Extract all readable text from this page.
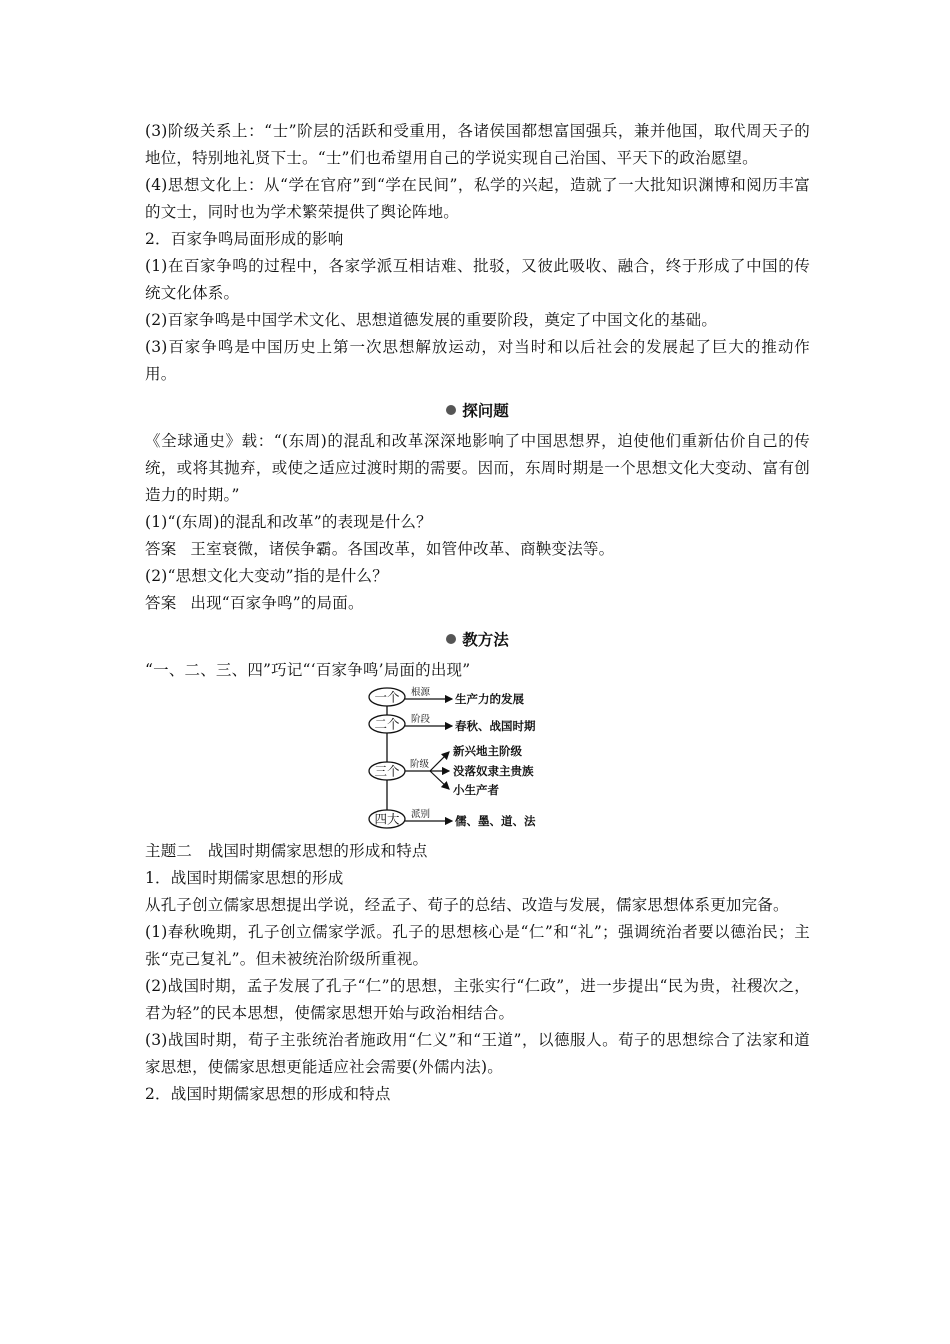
(3)阶级关系上：“士”阶层的活跃和受重用，各诸侯国都想富国强兵，兼并他国，取代周天子的地位，特别地礼贤下士。“士”们也希望用自己的学说实现自己治国、平天下的政治愿望。

(4)思想文化上：从“学在官府”到“学在民间”，私学的兴起，造就了一大批知识渊博和阅历丰富的文士，同时也为学术繁荣提供了舆论阵地。

2．百家争鸣局面形成的影响

(1)在百家争鸣的过程中，各家学派互相诘难、批驳，又彼此吸收、融合，终于形成了中国的传统文化体系。

(2)百家争鸣是中国学术文化、思想道德发展的重要阶段，奠定了中国文化的基础。

(3)百家争鸣是中国历史上第一次思想解放运动，对当时和以后社会的发展起了巨大的推动作用。

探问题

《全球通史》载：“(东周)的混乱和改革深深地影响了中国思想界，迫使他们重新估价自己的传统，或将其抛弃，或使之适应过渡时期的需要。因而，东周时期是一个思想文化大变动、富有创造力的时期。”

(1)“(东周)的混乱和改革”的表现是什么？

答案 王室衰微，诸侯争霸。各国改革，如管仲改革、商鞅变法等。

(2)“思想文化大变动”指的是什么？

答案 出现“百家争鸣”的局面。

教方法

“一、二、三、四”巧记“‘百家争鸣’局面的出现”

一个 根源 生产力的发展
二个 阶段 春秋、战国时期
三个 阶级
新兴地主阶级
没落奴隶主贵族
小生产者
四大 派别 儒、墨、道、法

主题二　战国时期儒家思想的形成和特点

1．战国时期儒家思想的形成

从孔子创立儒家思想提出学说，经孟子、荀子的总结、改造与发展，儒家思想体系更加完备。

(1)春秋晚期，孔子创立儒家学派。孔子的思想核心是“仁”和“礼”；强调统治者要以德治民；主张“克己复礼”。但未被统治阶级所重视。

(2)战国时期，孟子发展了孔子“仁”的思想，主张实行“仁政”，进一步提出“民为贵，社稷次之，君为轻”的民本思想，使儒家思想开始与政治相结合。

(3)战国时期，荀子主张统治者施政用“仁义”和“王道”，以德服人。荀子的思想综合了法家和道家思想，使儒家思想更能适应社会需要(外儒内法)。

2．战国时期儒家思想的形成和特点
